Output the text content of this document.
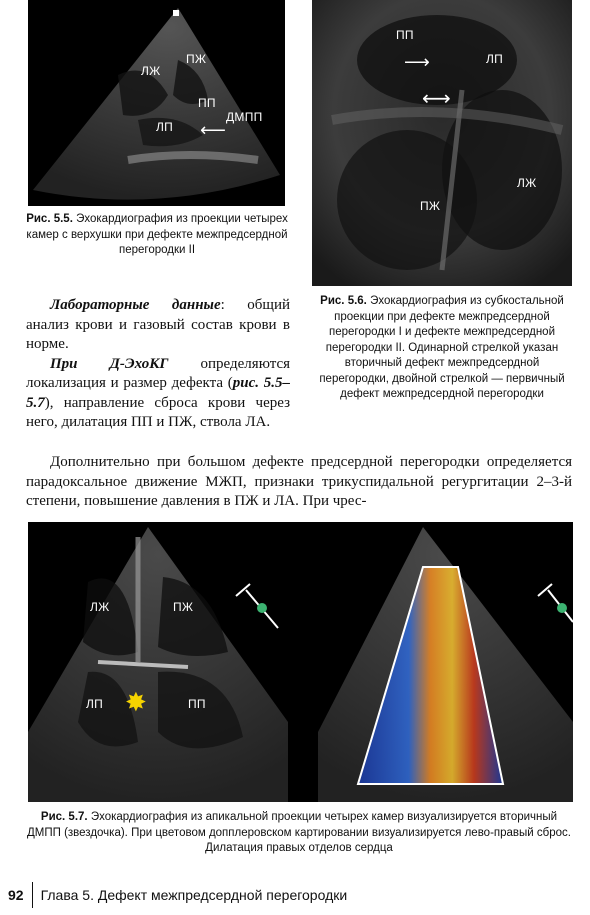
ЛЖ
ПЖ
ПП
ДМПП
ЛП ⟵
Рис. 5.5. Эхокардиография из проекции четырех камер с верхушки при дефекте межпредсердной перегородки II
ПП
ЛП
ЛЖ
ПЖ
⟶
⟷
Рис. 5.6. Эхокардиография из субкостальной проекции при дефекте межпредсердной перегородки I и дефекте межпредсердной перегородки II. Одинарной стрелкой указан вторичный дефект межпредсердной перегородки, двойной стрелкой — первичный дефект межпредсердной перегородки

Лабораторные данные: общий анализ крови и газовый состав крови в норме.

При Д-ЭхоКГ определяются локализация и размер дефекта (рис. 5.5–5.7), направление сброса крови через него, дилатация ПП и ПЖ, ствола ЛА.

Дополнительно при большом дефекте предсердной перегородки определяется парадоксальное движение МЖП, признаки трикуспидальной регургитации 2–3-й степени, повышение давления в ПЖ и ЛА. При чрес-

ЛЖ	ПЖ
ЛП	ПП
✸
Рис. 5.7. Эхокардиография из апикальной проекции четырех камер визуализируется вторичный ДМПП (звездочка). При цветовом допплеровском картировании визуализируется лево-правый сброс. Дилатация правых отделов сердца
92 Глава 5. Дефект межпредсердной перегородки
